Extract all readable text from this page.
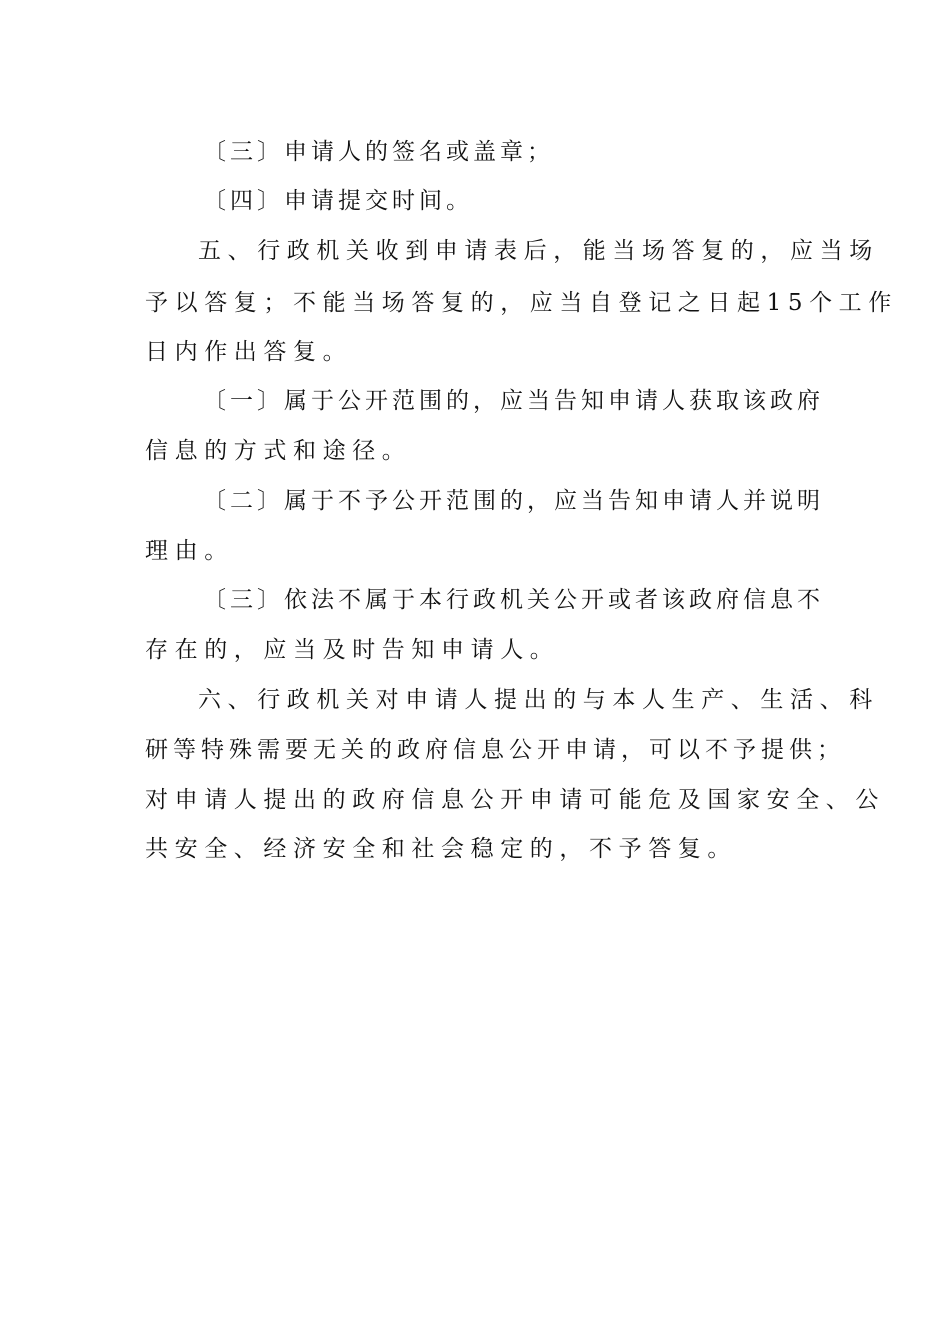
〔三〕申请人的签名或盖章；
〔四〕申请提交时间。
五、行政机关收到申请表后，能当场答复的，应当场
予以答复；不能当场答复的，应当自登记之日起15个工作
日内作出答复。
〔一〕属于公开范围的，应当告知申请人获取该政府
信息的方式和途径。
〔二〕属于不予公开范围的，应当告知申请人并说明
理由。
〔三〕依法不属于本行政机关公开或者该政府信息不
存在的，应当及时告知申请人。
六、行政机关对申请人提出的与本人生产、生活、科
研等特殊需要无关的政府信息公开申请，可以不予提供；
对申请人提出的政府信息公开申请可能危及国家安全、公
共安全、经济安全和社会稳定的，不予答复。
